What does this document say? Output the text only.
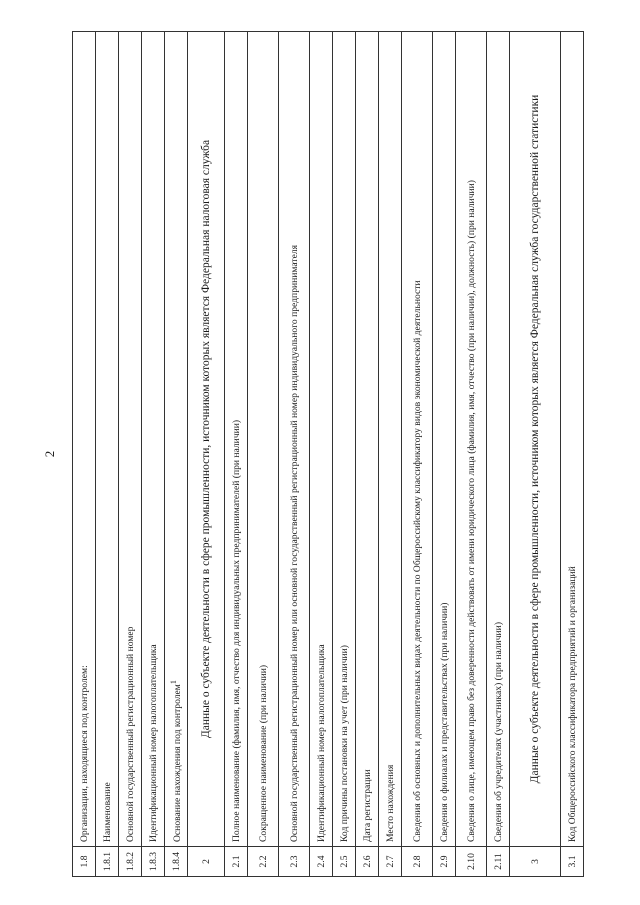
2
1.8	Организации, находящиеся под контролем:
1.8.1	Наименование
1.8.2	Основной государственный регистрационный номер
1.8.3	Идентификационный номер налогоплательщика
1.8.4	Основание нахождения под контролем$^1$
2	Данные о субъекте деятельности в сфере промышленности, источником которых является Федеральная налоговая служба
2.1	Полное наименование (фамилия, имя, отчество для индивидуальных предпринимателей (при наличии)
2.2	Сокращенное наименование (при наличии)
2.3	Основной государственный регистрационный номер или основной государственный регистрационный номер индивидуального предпринимателя
2.4	Идентификационный номер налогоплательщика
2.5	Код причины постановки на учет (при наличии)
2.6	Дата регистрации
2.7	Место нахождения
2.8	Сведения об основных и дополнительных видах деятельности по Общероссийскому классификатору видов экономической деятельности
2.9	Сведения о филиалах и представительствах (при наличии)
2.10	Сведения о лице, имеющем право без доверенности действовать от имени юридического лица (фамилия, имя, отчество (при наличии), должность) (при наличии)
2.11	Сведения об учредителях (участниках) (при наличии)
3	Данные о субъекте деятельности в сфере промышленности, источником которых является Федеральная служба государственной статистики
3.1	Код Общероссийского классификатора предприятий и организаций
